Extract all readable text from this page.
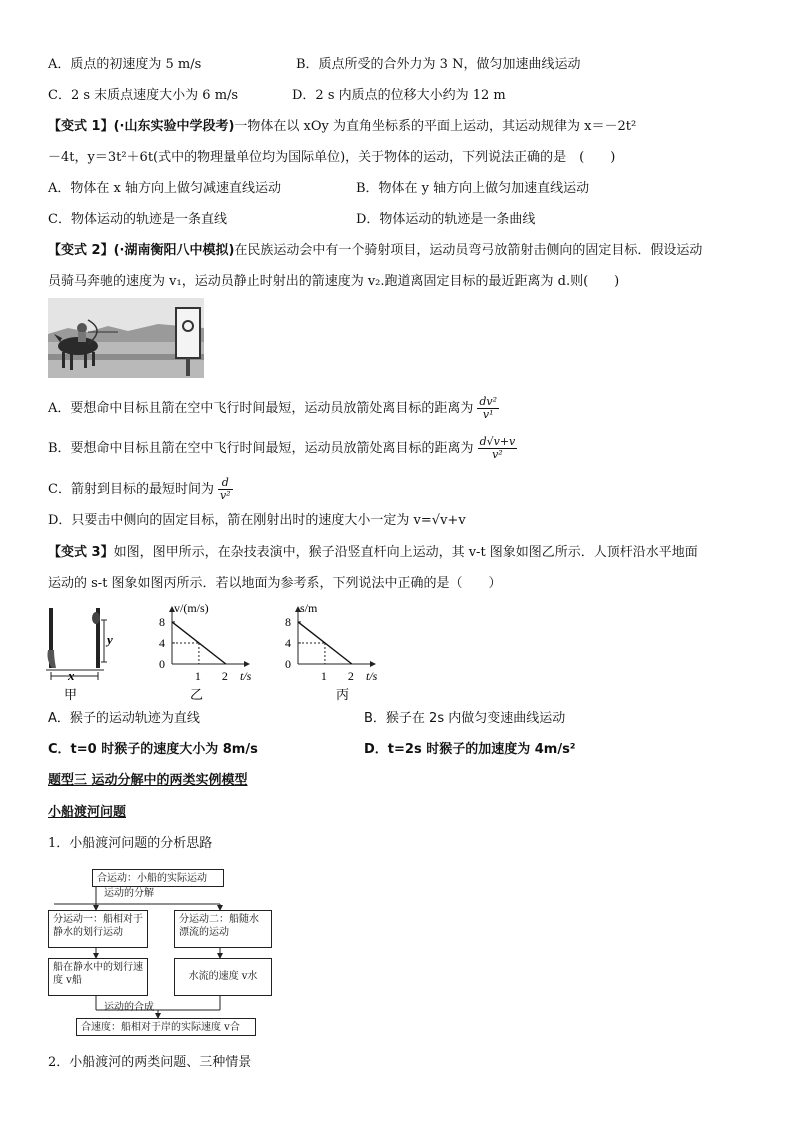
A．质点的初速度为 5 m/s	B．质点所受的合外力为 3 N，做匀加速曲线运动
C．2 s 末质点速度大小为 6 m/s	D．2 s 内质点的位移大小约为 12 m
【变式 1】(·山东实验中学段考)一物体在以 xOy 为直角坐标系的平面上运动，其运动规律为 x＝－2t²
－4t，y＝3t²＋6t(式中的物理量单位均为国际单位)，关于物体的运动，下列说法正确的是　(　　)
A．物体在 x 轴方向上做匀减速直线运动	B．物体在 y 轴方向上做匀加速直线运动
C．物体运动的轨迹是一条直线	D．物体运动的轨迹是一条曲线
【变式 2】(·湖南衡阳八中模拟)在民族运动会中有一个骑射项目，运动员弯弓放箭射击侧向的固定目标．假设运动
员骑马奔驰的速度为 v₁，运动员静止时射出的箭速度为 v₂.跑道离固定目标的最近距离为 d.则(　　)
A．要想命中目标且箭在空中飞行时间最短，运动员放箭处离目标的距离为 $\frac{\text{dv²}}{\text{v¹}}$
B．要想命中目标且箭在空中飞行时间最短，运动员放箭处离目标的距离为 $\frac{d√v+v}{\text{v²}}$
C．箭射到目标的最短时间为 $\frac{d}{\text{v²}}$
D．只要击中侧向的固定目标，箭在刚射出时的速度大小一定为 v=√v+v
【变式 3】如图，图甲所示，在杂技表演中，猴子沿竖直杆向上运动，其 v-t 图象如图乙所示．人顶杆沿水平地面
运动的 s-t 图象如图丙所示．若以地面为参考系，下列说法中正确的是（　　）
y
x
甲
v/(m/s)
t/s
8
4
0
1 2
乙
s/m
t/s
8
4
0
1 2
丙
A．猴子的运动轨迹为直线	B．猴子在 2s 内做匀变速曲线运动
C．t=0 时猴子的速度大小为 8m/s	D．t=2s 时猴子的加速度为 4m/s²
题型三 运动分解中的两类实例模型
小船渡河问题
1．小船渡河问题的分析思路
合运动：小船的实际运动
运动的分解
分运动一：船相对于静水的划行运动
分运动二：船随水漂流的运动
船在静水中的划行速度 v船	水流的速度 v水
运动的合成
合速度：船相对于岸的实际速度 v合
2．小船渡河的两类问题、三种情景
